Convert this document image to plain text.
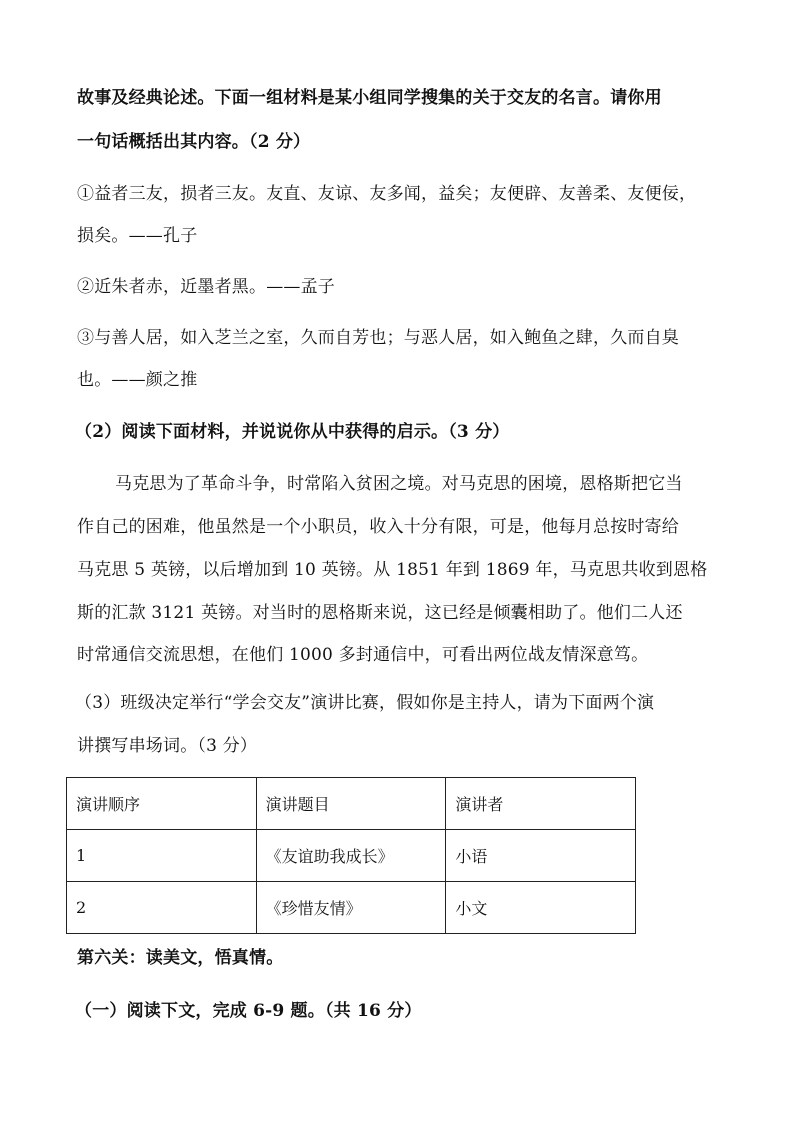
故事及经典论述。下面一组材料是某小组同学搜集的关于交友的名言。请你用
一句话概括出其内容。（2 分）
①益者三友，损者三友。友直、友谅、友多闻，益矣；友便辟、友善柔、友便佞，
损矣。——孔子
②近朱者赤，近墨者黑。——孟子
③与善人居，如入芝兰之室，久而自芳也；与恶人居，如入鲍鱼之肆，久而自臭
也。——颜之推
（2）阅读下面材料，并说说你从中获得的启示。（3 分）
马克思为了革命斗争，时常陷入贫困之境。对马克思的困境，恩格斯把它当
作自己的困难，他虽然是一个小职员，收入十分有限，可是，他每月总按时寄给
马克思 5 英镑，以后增加到 10 英镑。从 1851 年到 1869 年，马克思共收到恩格
斯的汇款 3121 英镑。对当时的恩格斯来说，这已经是倾囊相助了。他们二人还
时常通信交流思想，在他们 1000 多封通信中，可看出两位战友情深意笃。
（3）班级决定举行“学会交友”演讲比赛，假如你是主持人，请为下面两个演
讲撰写串场词。（3 分）
演讲顺序	演讲题目	演讲者
1	《友谊助我成长》	小语
2	《珍惜友情》	小文
第六关：读美文，悟真情。
（一）阅读下文，完成 6-9 题。（共 16 分）
